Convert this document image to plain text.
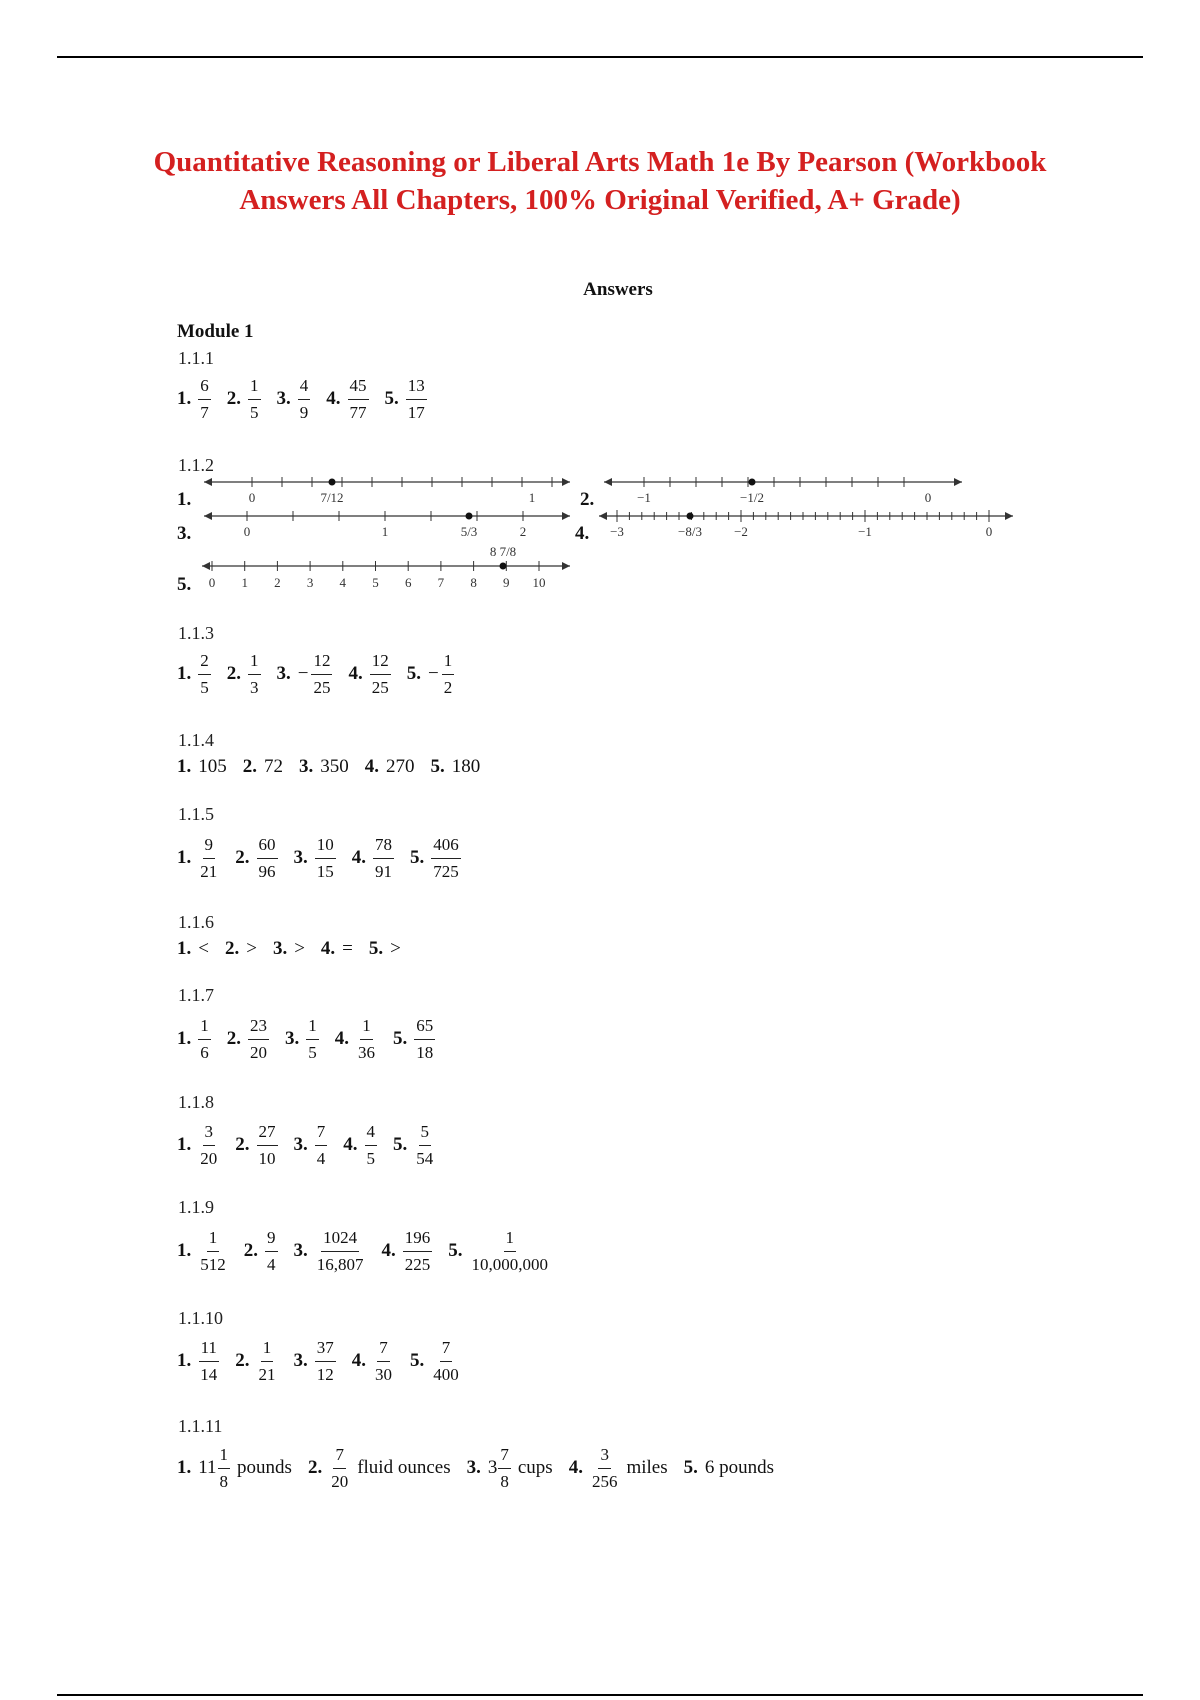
Quantitative Reasoning or Liberal Arts Math 1e By Pearson (Workbook
Answers All Chapters, 100% Original Verified, A+ Grade)
Answers
Module 1
1.1.1
1. $\frac{6}{7} 2$. $\frac{1}{5} 3$. $\frac{4}{9} 4$. $\frac{45}{77} 5$. $\frac{13}{17}$
1.1.2
1.	0	7/12	1 2.	−1	−1/2	0
3.	0	1	5/3	2	4. −3	−8/3 −2	−1	0
5.
8 7/8
0 1 2 3 4 5 6 7 8 9 10
1.1.3
1. $\frac{2}{5} 2$. $\frac{1}{3} 3$. − $\frac{12}{25} 4$. $\frac{12}{25} 5$. − $\frac{1}{2}$
1.1.4
1. 105 2. 72 3. 350 4. 270 5. 180
1.1.5
1. $\frac{9}{21} 2$. $\frac{60}{96} 3$. $\frac{10}{15} 4$. $\frac{78}{91} 5$. $\frac{406}{725}$
1.1.6
1. < 2. > 3. > 4. = 5. >
1.1.7
1. $\frac{1}{6} 2$. $\frac{23}{20} 3$. $\frac{1}{5} 4$. $\frac{1}{36} 5$. $\frac{65}{18}$
1.1.8
1. $\frac{3}{20} 2$. $\frac{27}{10} 3$. $\frac{7}{4} 4$. $\frac{4}{5} 5$. $\frac{5}{54}$
1.1.9
1. $\frac{1}{512} 2$. $\frac{9}{4} 3$. $\frac{1024}{16,807} 4$. $\frac{196}{225} 5$. $\frac{1}{10,000,000}$
1.1.10
1. $\frac{11}{14} 2$. $\frac{1}{21} 3$. $\frac{37}{12} 4$. $\frac{7}{30} 5$. $\frac{7}{400}$
1.1.11
1. $11 \frac{1}{8}$ pounds 2. $\frac{7}{20}$ fluid ounces 3. $3 \frac{7}{8}$ cups 4. $\frac{3}{256}$ miles 5. 6 pounds
